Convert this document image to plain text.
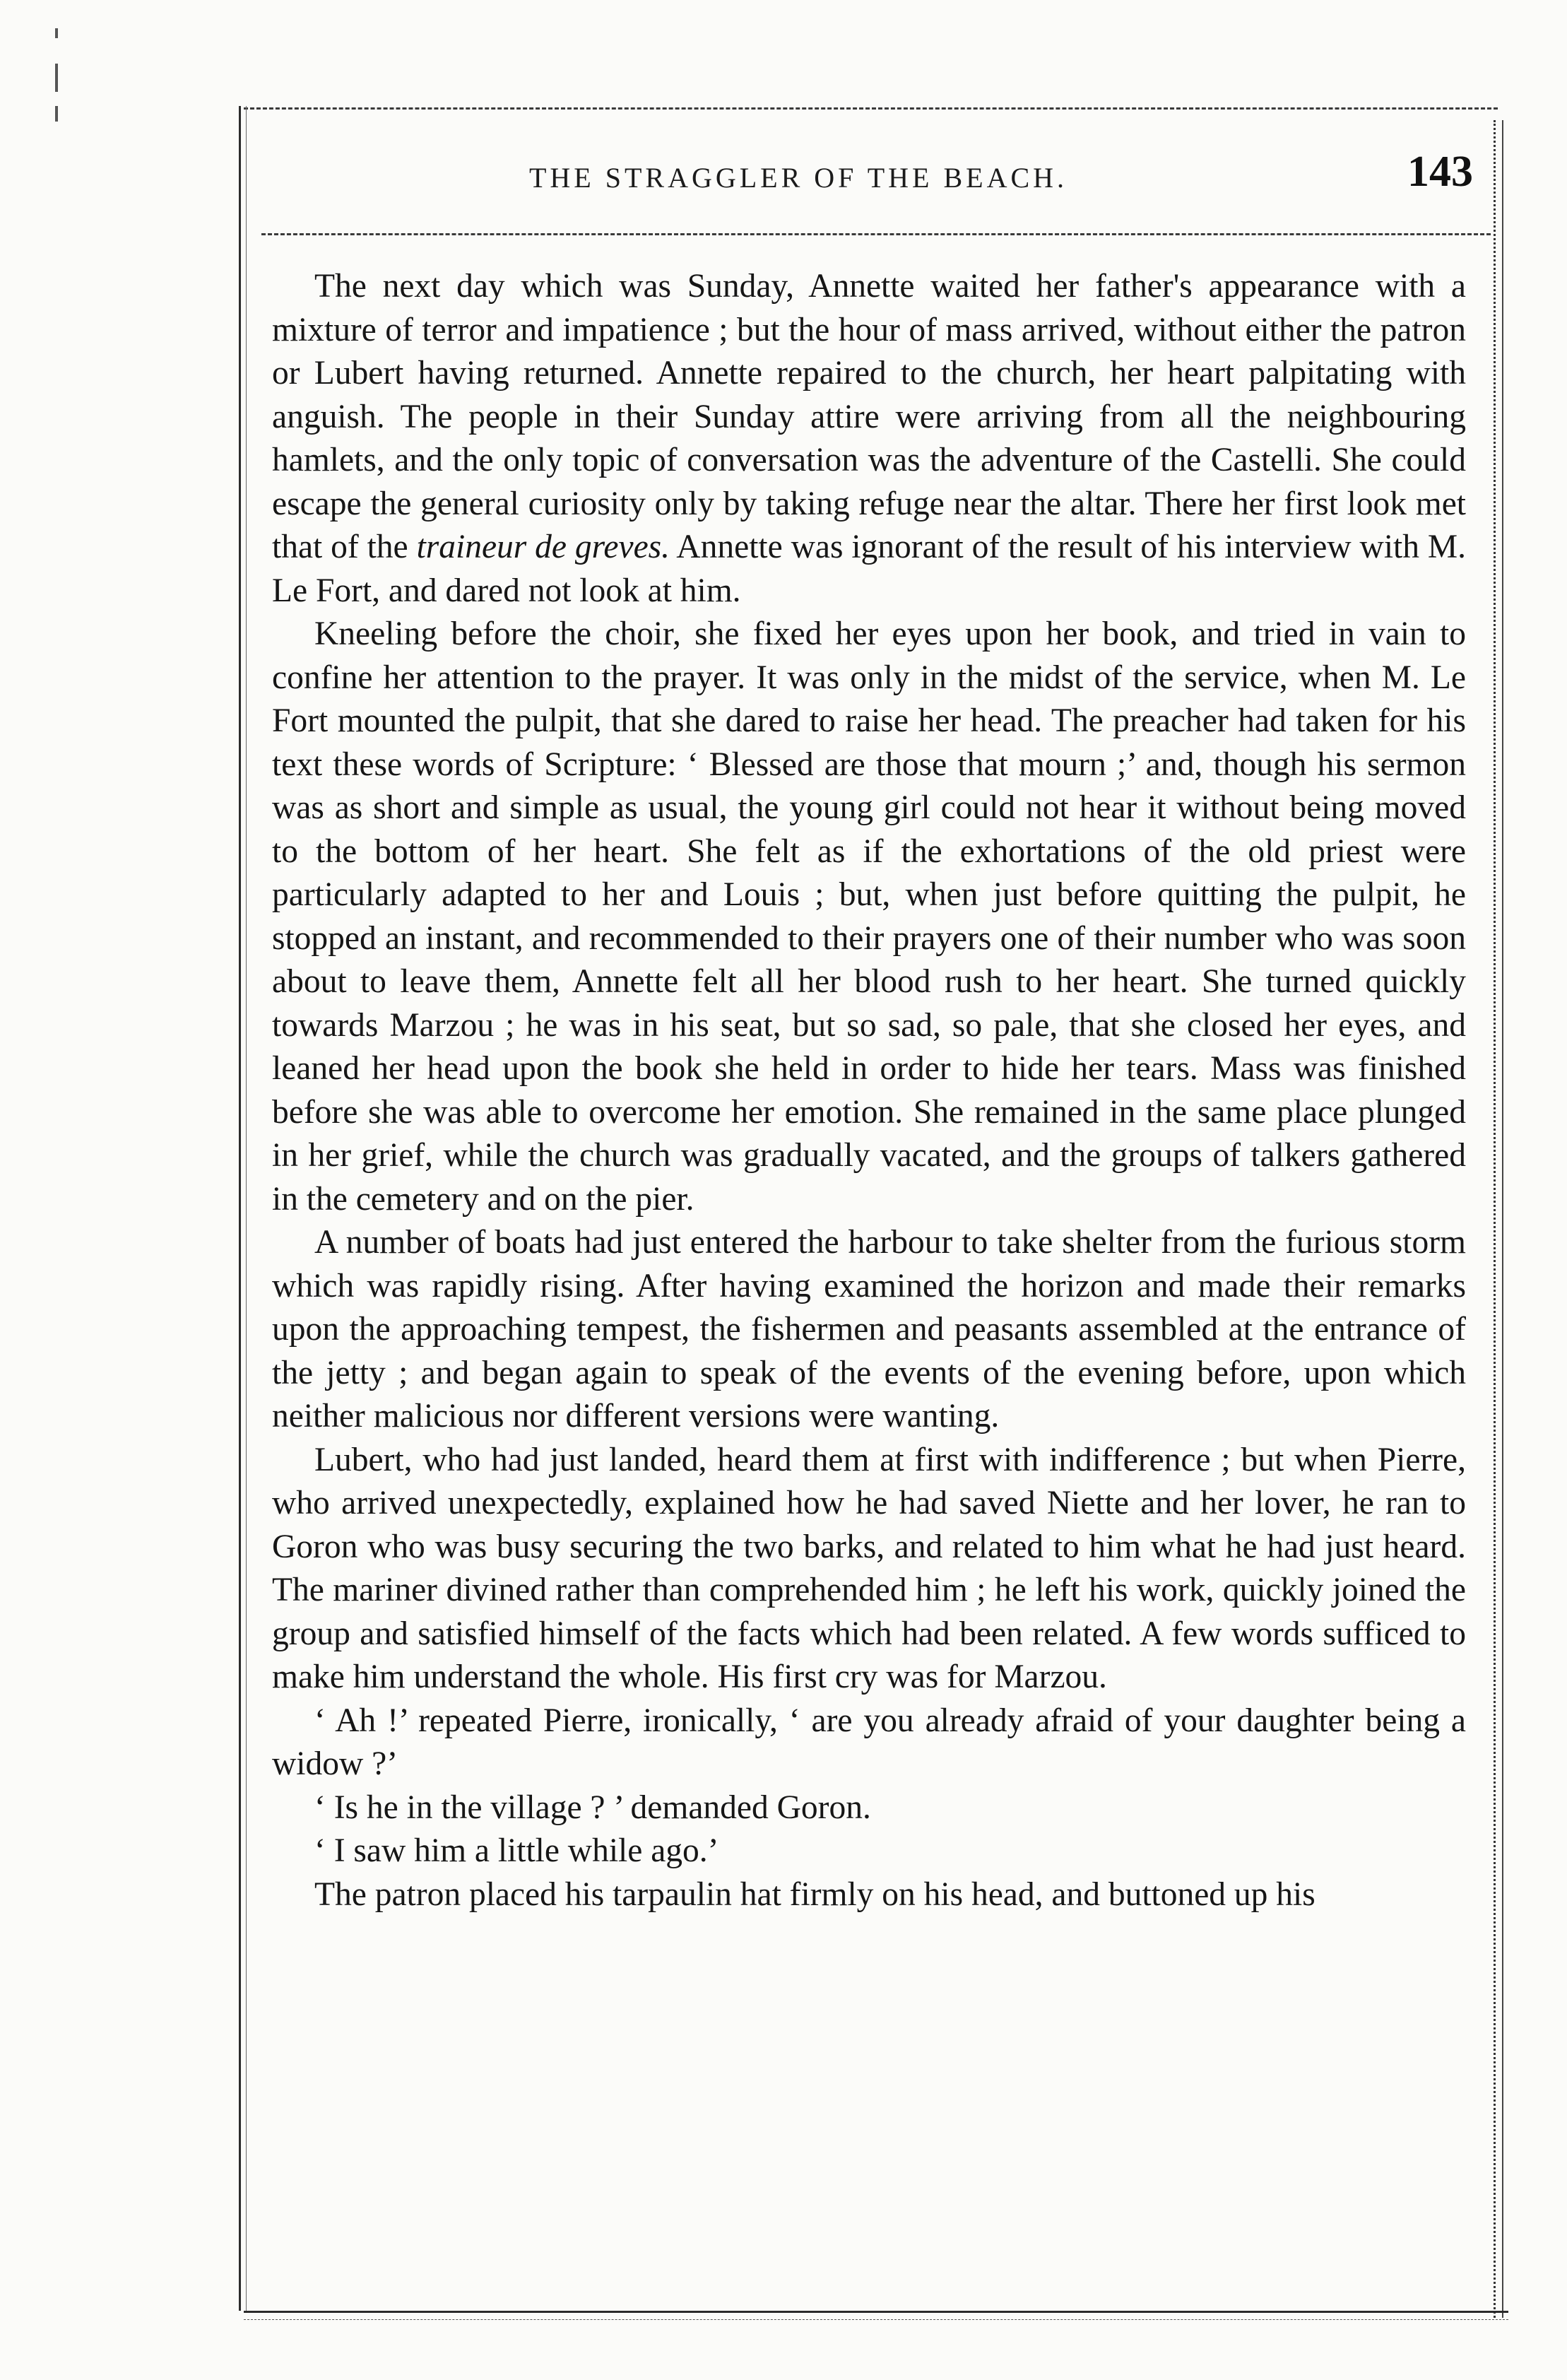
THE STRAGGLER OF THE BEACH.	143

The next day which was Sunday, Annette waited her father's appearance with a mixture of terror and impatience ; but the hour of mass arrived, without either the patron or Lubert having returned. Annette repaired to the church, her heart palpitating with anguish. The people in their Sunday attire were arriving from all the neighbouring hamlets, and the only topic of conversation was the adventure of the Castelli. She could escape the general curiosity only by taking refuge near the altar. There her first look met that of the traineur de greves. Annette was ignorant of the result of his interview with M. Le Fort, and dared not look at him.

Kneeling before the choir, she fixed her eyes upon her book, and tried in vain to confine her attention to the prayer. It was only in the midst of the service, when M. Le Fort mounted the pulpit, that she dared to raise her head. The preacher had taken for his text these words of Scripture: ‘ Blessed are those that mourn ;’ and, though his sermon was as short and simple as usual, the young girl could not hear it without being moved to the bottom of her heart. She felt as if the exhortations of the old priest were particularly adapted to her and Louis ; but, when just before quitting the pulpit, he stopped an instant, and recommended to their prayers one of their number who was soon about to leave them, Annette felt all her blood rush to her heart. She turned quickly towards Marzou ; he was in his seat, but so sad, so pale, that she closed her eyes, and leaned her head upon the book she held in order to hide her tears. Mass was finished before she was able to overcome her emotion. She remained in the same place plunged in her grief, while the church was gradually vacated, and the groups of talkers gathered in the cemetery and on the pier.

A number of boats had just entered the harbour to take shelter from the furious storm which was rapidly rising. After having examined the horizon and made their remarks upon the approaching tempest, the fishermen and peasants assembled at the entrance of the jetty ; and began again to speak of the events of the evening before, upon which neither malicious nor different versions were wanting.

Lubert, who had just landed, heard them at first with indifference ; but when Pierre, who arrived unexpectedly, explained how he had saved Niette and her lover, he ran to Goron who was busy securing the two barks, and related to him what he had just heard. The mariner divined rather than comprehended him ; he left his work, quickly joined the group and satisfied himself of the facts which had been related. A few words sufficed to make him understand the whole. His first cry was for Marzou.

‘ Ah !’ repeated Pierre, ironically, ‘ are you already afraid of your daughter being a widow ?’

‘ Is he in the village ? ’ demanded Goron.

‘ I saw him a little while ago.’

The patron placed his tarpaulin hat firmly on his head, and buttoned up his
